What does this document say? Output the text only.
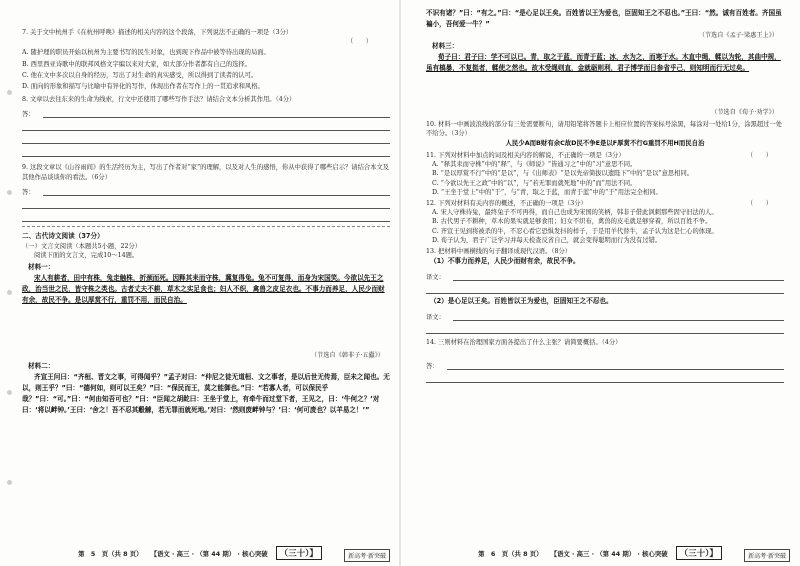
7. 关于文中杭州手《在杭州呼唤》描述的相关内容的这个段落，下列说法不正确的一项是（3分）
（　　）
A. 随护理的职员开始以杭州为主要书写的民生对象，也到现下作品中被等待出现的局面。
B. 西里西亚诗歌中的联邦风格文字编以来对大家，如大部分作者都有自己的选择。
C. 他在文中多次以自身的经历，写出了对生命的真实感受，所以得到了读者的认可。
D. 面向的形象和描写与比喻中有异化的写作，体现出作者在写作上的一贯追求和风格。
8. 文章以去往东来的生命为线索，行文中还使用了哪些写作手法？请结合文本分析其作用。（4分）
答：
9. 这段文章以《山谷雨间》的生活经历为主，写出了作者对“家”的理解，以及对人生的感悟，你从中获得了哪些启示？请结合本文及其他作品谈谈你的看法。（6分）
答：
二、古代诗文阅读（37分）
（一）文言文阅读（本题共5小题，22分）
阅读下面的文言文，完成10～14题。
材料一：
宋人有耕者，田中有株，兔走触株，折颈而死。因释其耒而守株，冀复得兔。兔不可复得，而身为宋国笑。今欲以先王之政，治当世之民，皆守株之类也。古者丈夫不耕，草木之实足食也；妇人不织，禽兽之皮足衣也。不事力而养足，人民少而财有余，故民不争。是以厚赏不行，重罚不用，而民自治。
（节选自《韩非子·五蠹》）
材料二：
齐宣王问曰：“齐桓、晋文之事，可得闻乎？”孟子对曰：“仲尼之徒无道桓、文之事者，是以后世无传焉，臣未之闻也。无以，则王乎？”曰：“德何如，则可以王矣？”曰：“保民而王，莫之能御也。”曰：“若寡人者，可以保民乎哉？”曰：“可。”曰：“何由知吾可也？”曰：“臣闻之胡龁曰：王坐于堂上，有牵牛而过堂下者，王见之，曰：‘牛何之？’对曰：‘将以衅钟。’王曰：‘舍之！吾不忍其觳觫，若无罪而就死地。’对曰：‘然则废衅钟与？’曰：‘何可废也？以羊易之！’”
第　5　页（共 8 页） 【语文 · 高三 · （第 44 期） · 核心突破	（三十）】	新高考·新突破
不识有诸？”曰：“有之。”曰：“是心足以王矣。百姓皆以王为爱也，臣固知王之不忍也。”王曰：“然。诚有百姓者。齐国虽褊小，吾何爱一牛？”
（节选自《孟子·梁惠王上》）
材料三：
荀子曰：君子曰：学不可以已。青，取之于蓝，而青于蓝；冰，水为之，而寒于水。木直中绳，輮以为轮，其曲中规，虽有槁暴，不复挺者，輮使之然也。故木受绳则直，金就砺则利，君子博学而日参省乎己，则知明而行无过矣。
（节选自《荀子·劝学》）
10. 材料一中画波浪线的部分有三处需要断句，请用铅笔将答题卡上相应位置的答案标号涂黑，每涂对一处给1分，涂黑超过一处不给分。（3分）
人民少A而B财有余C故D民不争E是以F厚赏不行G重罚不用H而民自治
11. 下列对材料中加点的词及相关内容的解说，不正确的一项是（3分）	（　　）
A. “释其耒而守株”中的“释”，与《师说》“皆通习之”中的“习”意思不同。
B. “是以厚赏不行”中的“是以”，与《出师表》“是以先帝简拔以遗陛下”中的“是以”意思相同。
C. “今欲以先王之政”中的“以”，与“若无罪而就死地”中的“而”用法不同。
D. “王坐于堂上”中的“于”，与“青，取之于蓝，而青于蓝”中的“于”用法完全相同。
12. 下列对材料有关内容的概述，不正确的一项是（3分）	（　　）
A. 宋人守株待兔，最终兔子不可再得，而自己也成为宋国的笑柄，韩非子借此讽刺那些固守旧法的人。
B. 古代男子不耕种，草木的果实就足够食用；妇女不织布，禽兽的皮毛就足够穿着，所以百姓不争。
C. 齐宣王见到将被杀的牛，不忍心看它恐惧发抖的样子，于是用羊代替牛，孟子认为这是仁心的体现。
D. 荀子认为，君子广泛学习并每天检查反省自己，就会变得聪明而行为没有过错。
13. 把材料中画横线的句子翻译成现代汉语。（8分）
（1）不事力而养足，人民少而财有余，故民不争。
译文：
（2）是心足以王矣。百姓皆以王为爱也，臣固知王之不忍也。
译文：
14. 三则材料在治理国家方面各提出了什么主张？请简要概括。（4分）
答：
第　6　页（共 8 页） 【语文 · 高三 · （第 44 期） · 核心突破	（三十）】	新高考·新突破
